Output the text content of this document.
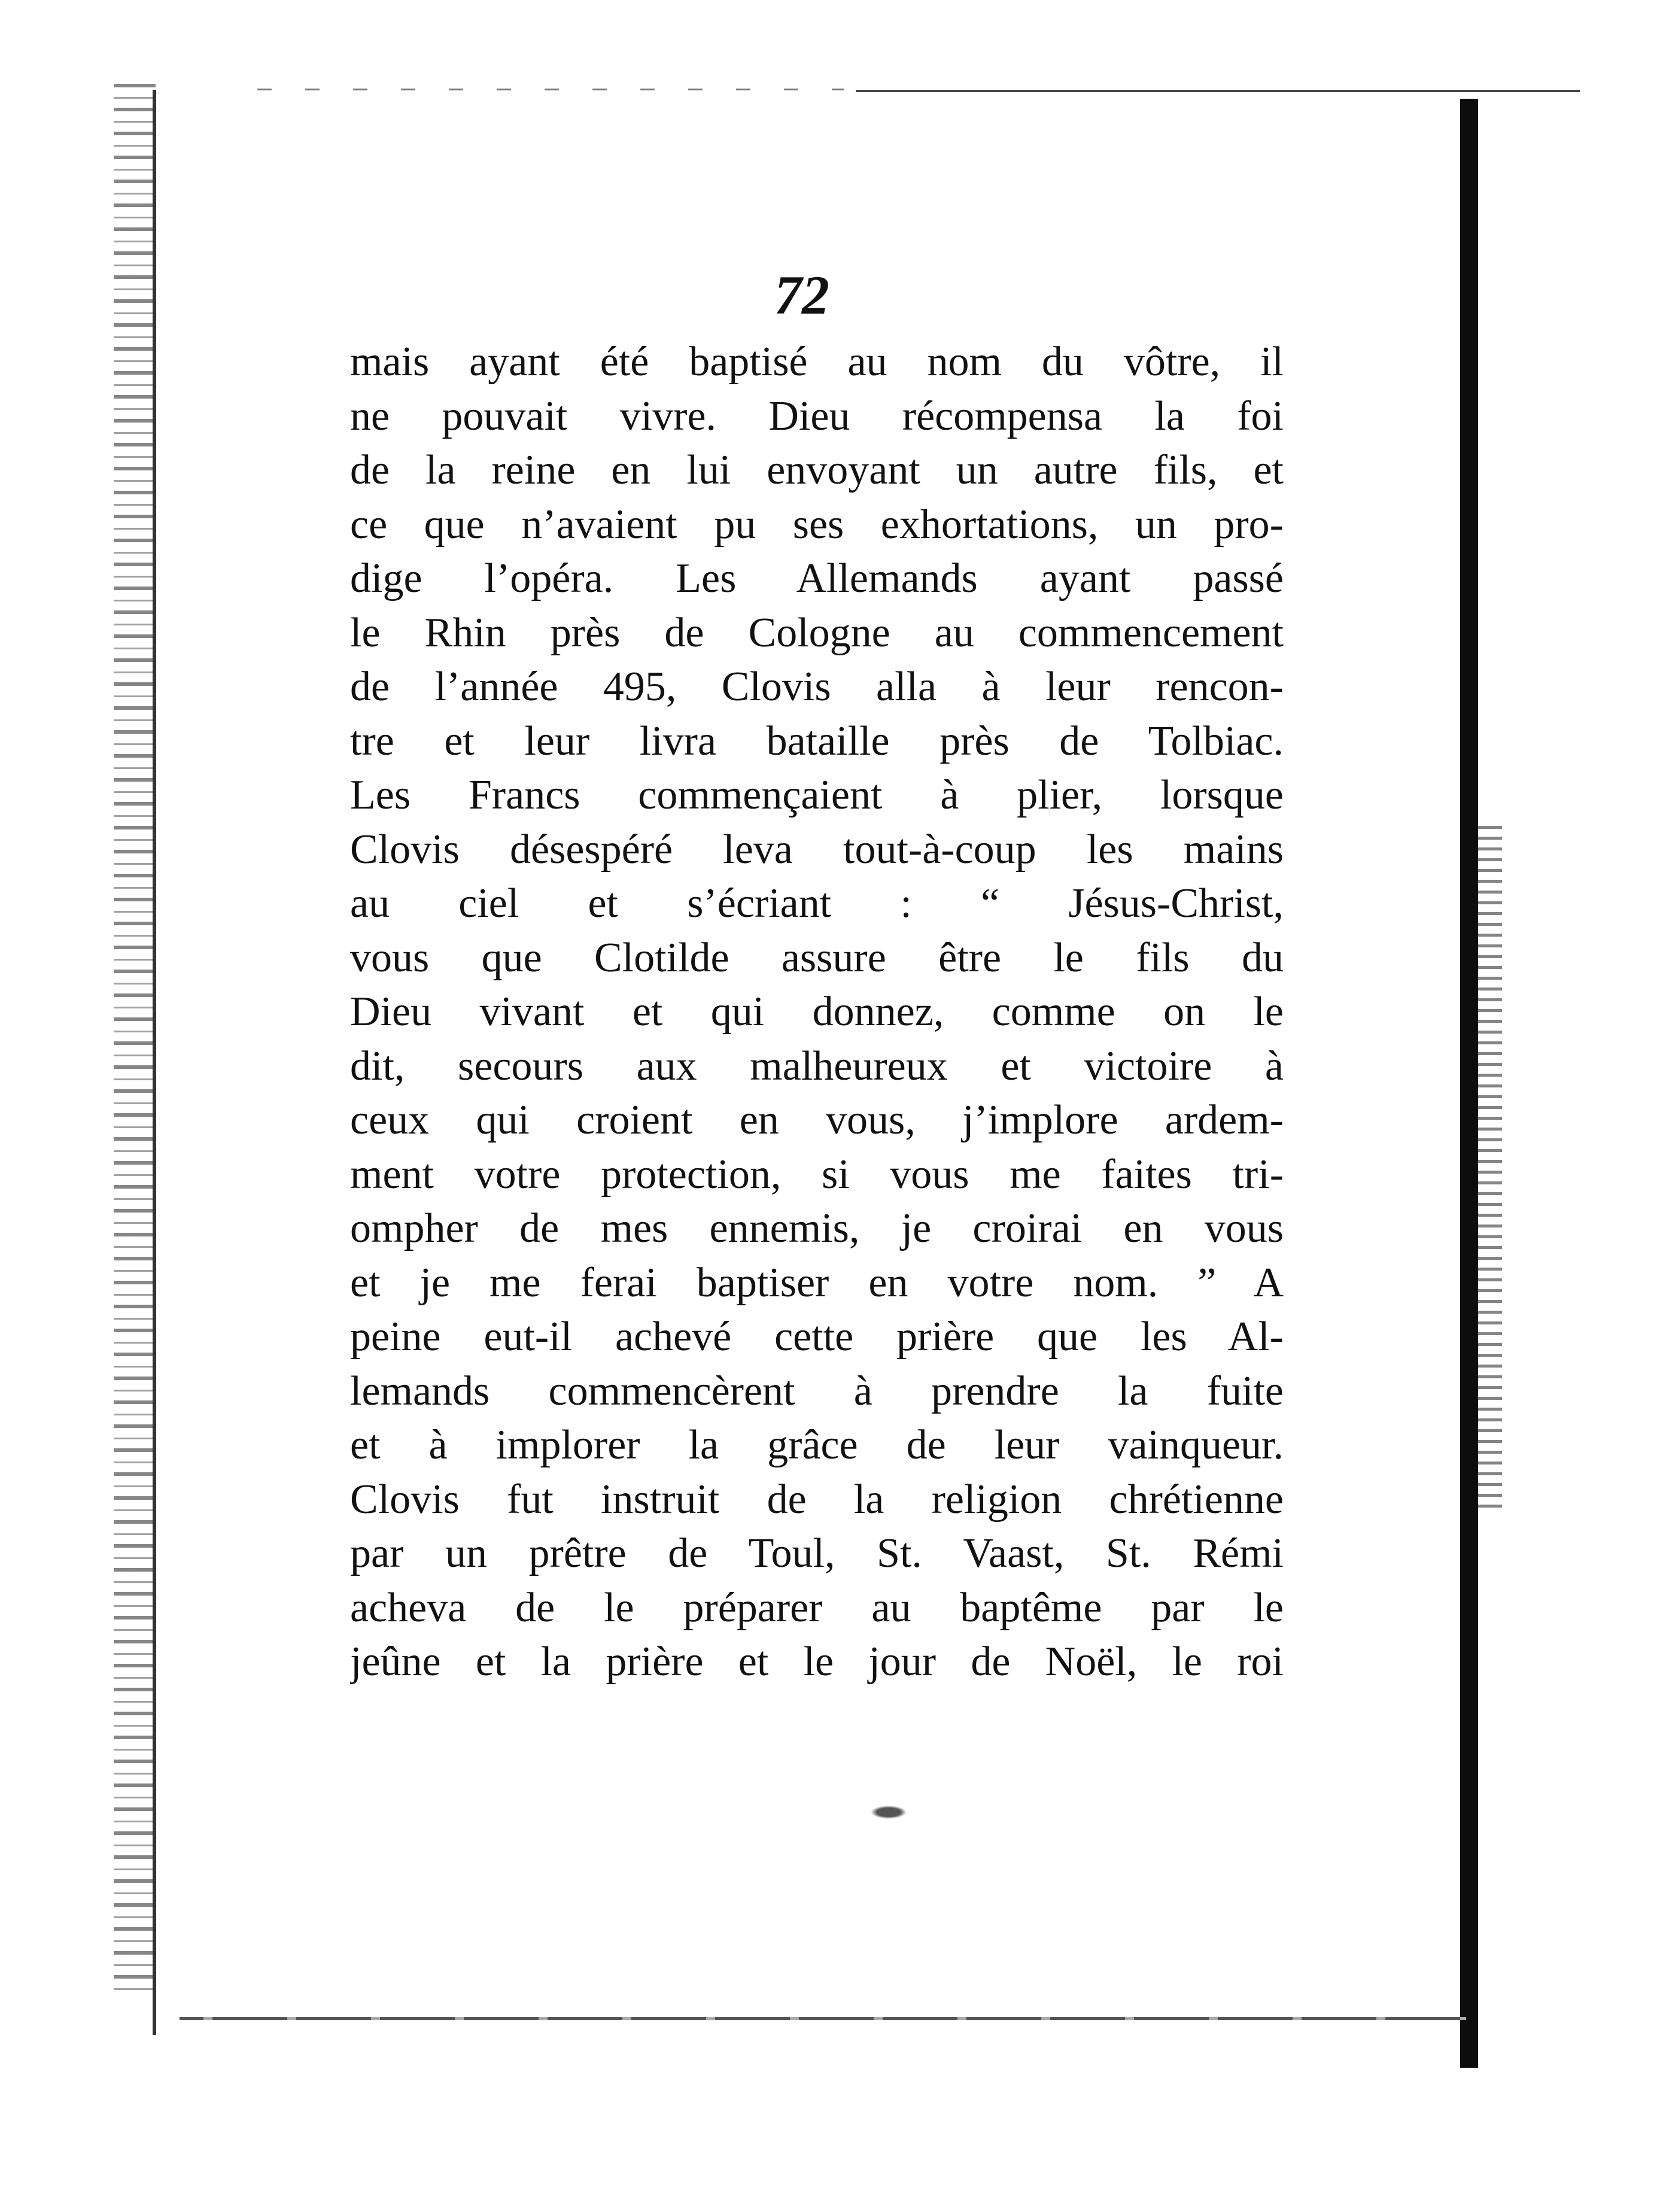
72
mais ayant été baptisé au nom du vôtre, il
ne pouvait vivre. Dieu récompensa la foi
de la reine en lui envoyant un autre fils, et
ce que n’avaient pu ses exhortations, un pro-
dige l’opéra. Les Allemands ayant passé
le Rhin près de Cologne au commencement
de l’année 495, Clovis alla à leur rencon-
tre et leur livra bataille près de Tolbiac.
Les Francs commençaient à plier, lorsque
Clovis désespéré leva tout-à-coup les mains
au ciel et s’écriant : “ Jésus-Christ,
vous que Clotilde assure être le fils du
Dieu vivant et qui donnez, comme on le
dit, secours aux malheureux et victoire à
ceux qui croient en vous, j’implore ardem-
ment votre protection, si vous me faites tri-
ompher de mes ennemis, je croirai en vous
et je me ferai baptiser en votre nom. ” A
peine eut-il achevé cette prière que les Al-
lemands commencèrent à prendre la fuite
et à implorer la grâce de leur vainqueur.
Clovis fut instruit de la religion chrétienne
par un prêtre de Toul, St. Vaast, St. Rémi
acheva de le préparer au baptême par le
jeûne et la prière et le jour de Noël, le roi
